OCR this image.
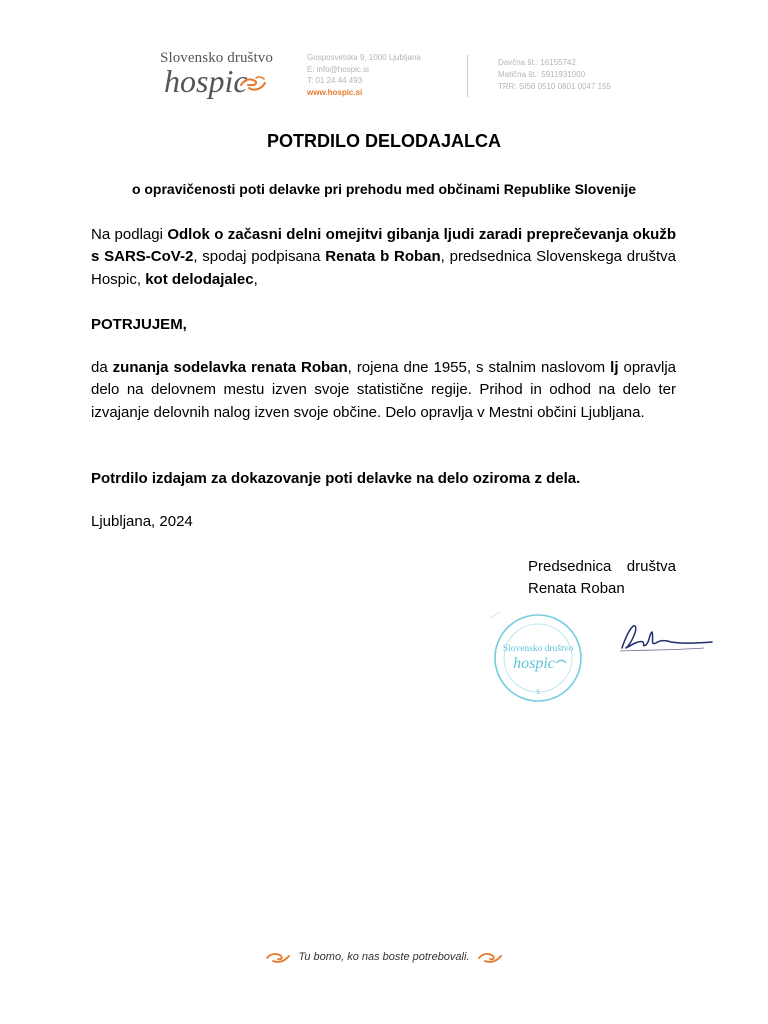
Slovensko društvo
hospic
Gosposvetska 9, 1000 Ljubljana
E: info@hospic.si
T: 01 24 44 493
www.hospic.si
Davčna št.: 16155742
Matična št.: 5911931000
TRR: SI56 0510 0801 0047 155
POTRDILO DELODAJALCA
o opravičenosti poti delavke pri prehodu med občinami Republike Slovenije
Na podlagi Odlok o začasni delni omejitvi gibanja ljudi zaradi preprečevanja okužb s SARS-CoV-2, spodaj podpisana Renata b Roban, predsednica Slovenskega društva Hospic, kot delodajalec,
POTRJUJEM,
da zunanja sodelavka renata Roban, rojena dne 1955, s stalnim naslovom lj opravlja delo na delovnem mestu izven svoje statistične regije. Prihod in odhod na delo ter izvajanje delovnih nalog izven svoje občine. Delo opravlja v Mestni občini Ljubljana.
Potrdilo izdajam za dokazovanje poti delavke na delo oziroma z dela.
Ljubljana, 2024
Predsednica društva Renata Roban
Slovensko društvo
hospic
5
Tu bomo, ko nas boste potrebovali.
